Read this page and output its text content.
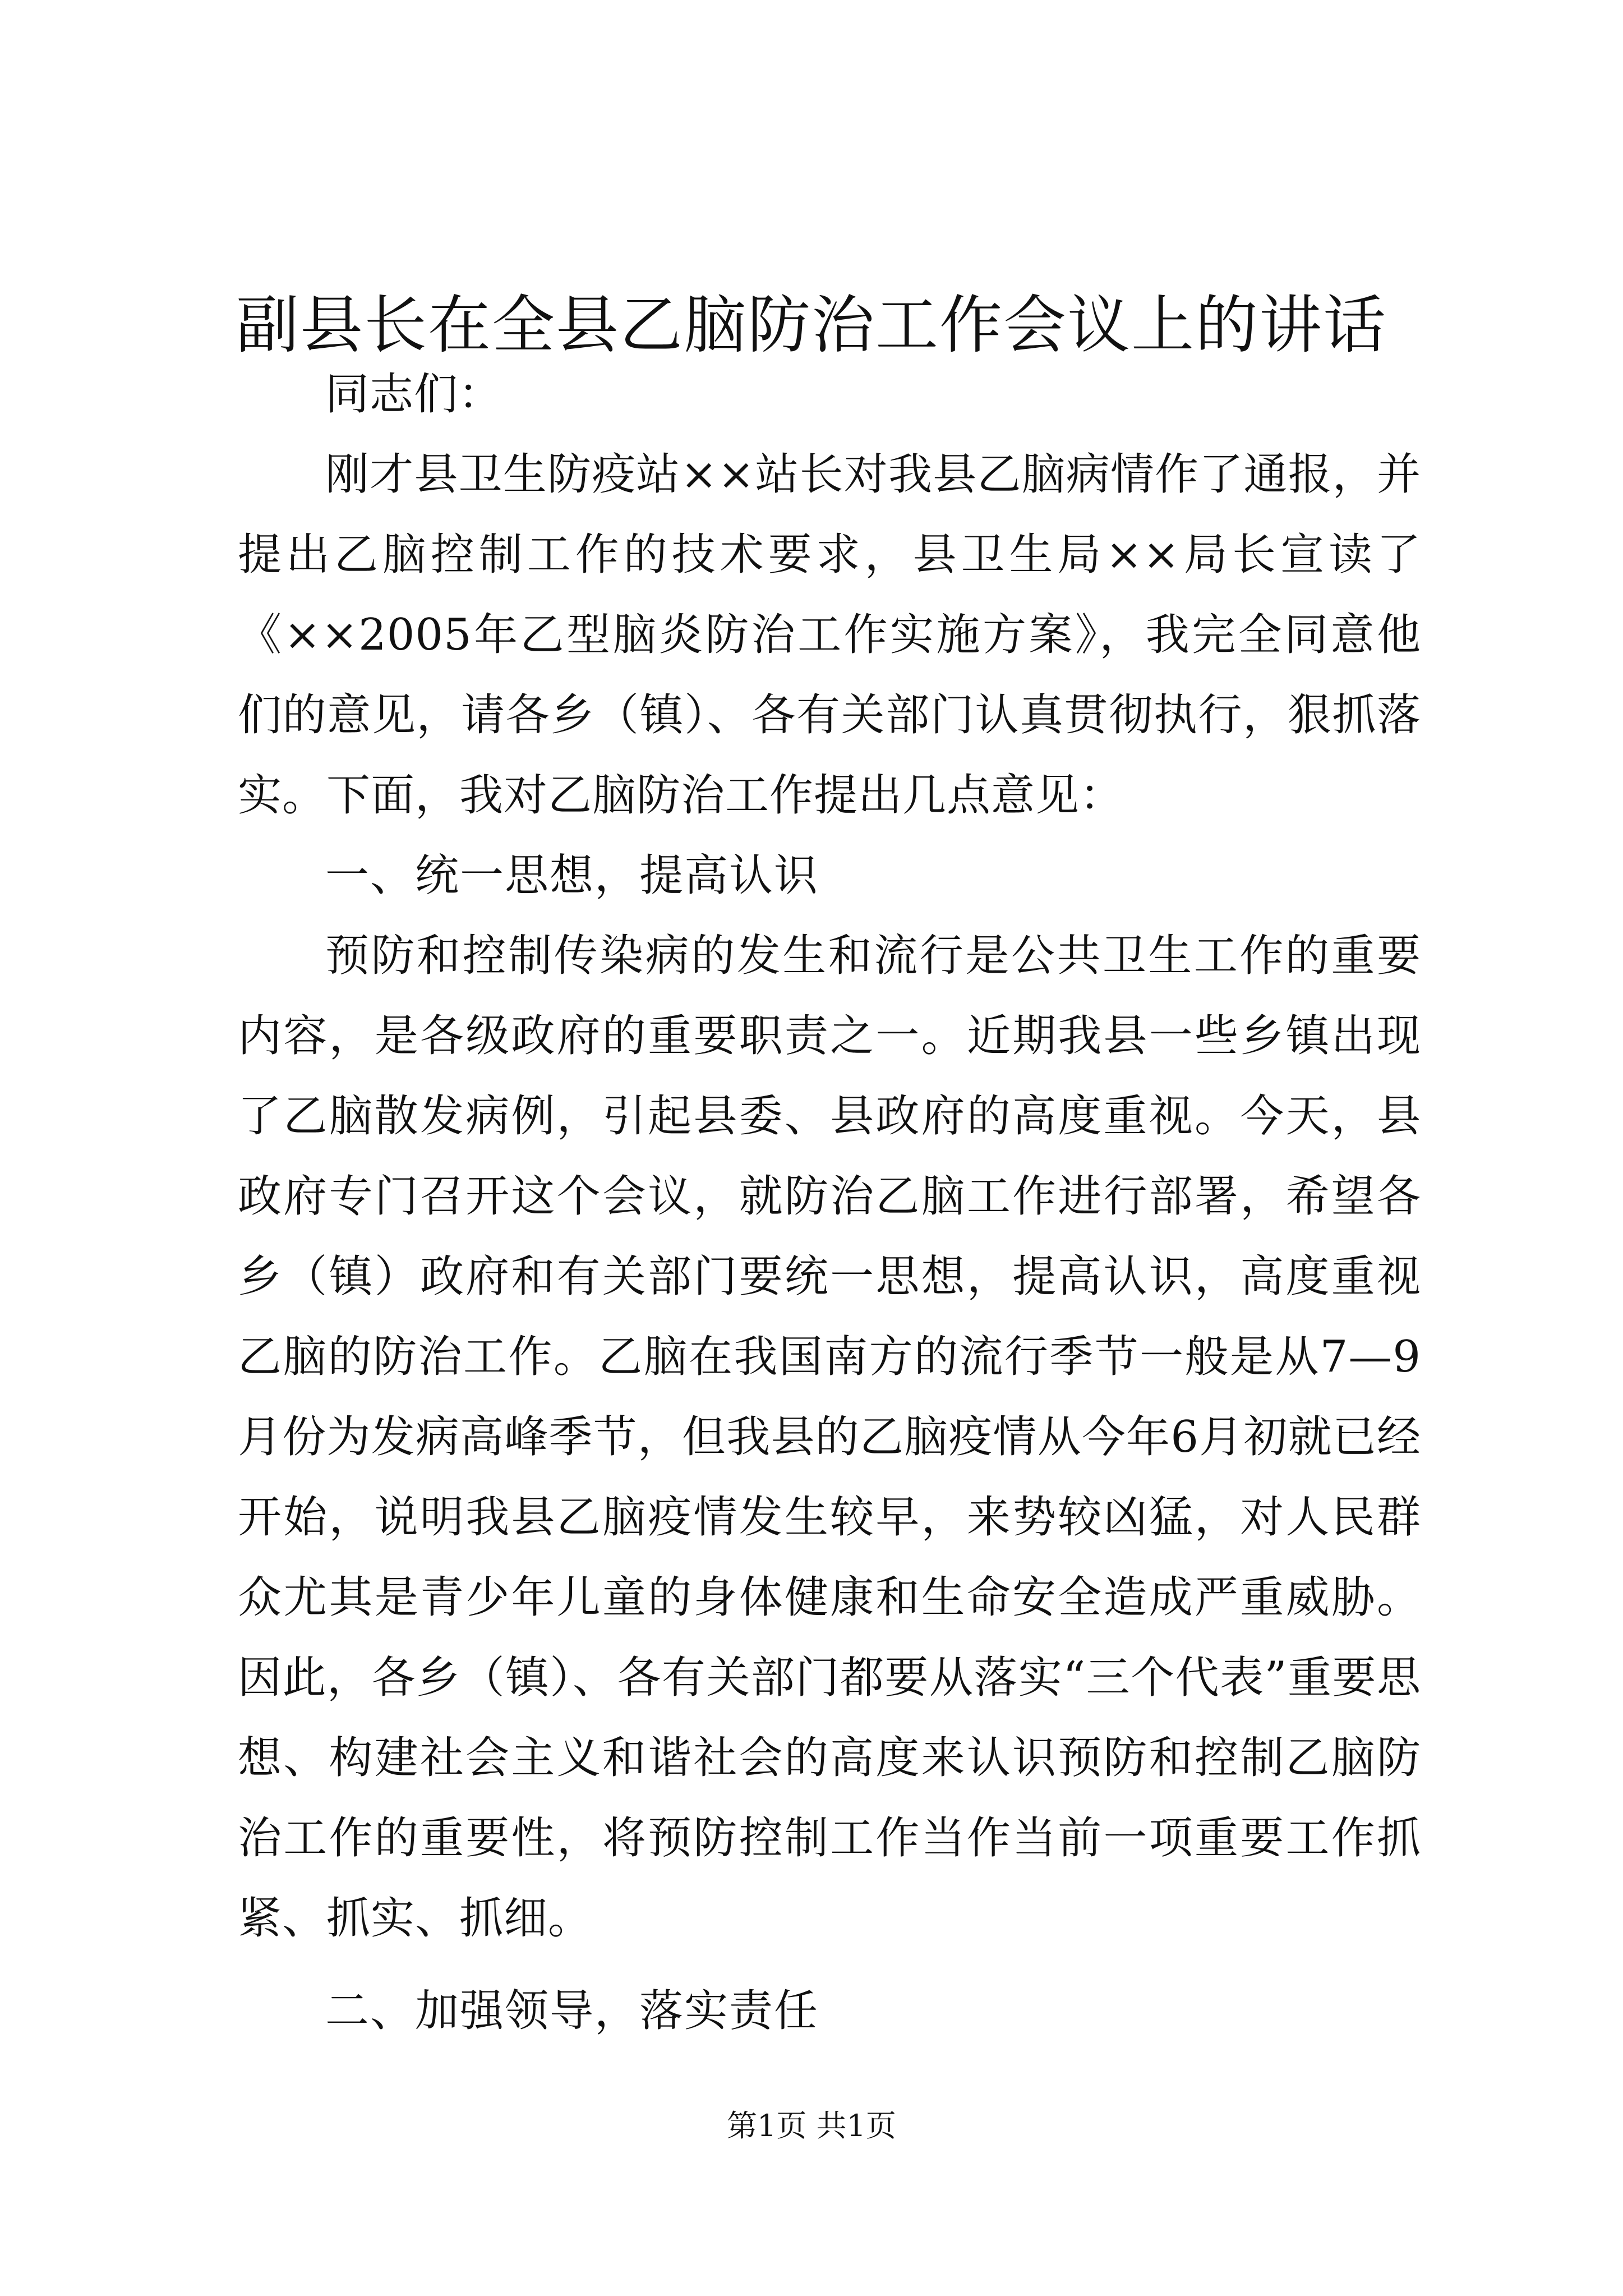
副县长在全县乙脑防治工作会议上的讲话

同志们：

刚才县卫生防疫站××站长对我县乙脑病情作了通报，并提出乙脑控制工作的技术要求，县卫生局××局长宣读了《××2005年乙型脑炎防治工作实施方案》，我完全同意他们的意见，请各乡（镇）、各有关部门认真贯彻执行，狠抓落实。下面，我对乙脑防治工作提出几点意见：

一、统一思想，提高认识

预防和控制传染病的发生和流行是公共卫生工作的重要内容，是各级政府的重要职责之一。近期我县一些乡镇出现了乙脑散发病例，引起县委、县政府的高度重视。今天，县政府专门召开这个会议，就防治乙脑工作进行部署，希望各乡（镇）政府和有关部门要统一思想，提高认识，高度重视乙脑的防治工作。乙脑在我国南方的流行季节一般是从7—9月份为发病高峰季节，但我县的乙脑疫情从今年6月初就已经开始，说明我县乙脑疫情发生较早，来势较凶猛，对人民群众尤其是青少年儿童的身体健康和生命安全造成严重威胁。因此，各乡（镇）、各有关部门都要从落实“三个代表”重要思想、构建社会主义和谐社会的高度来认识预防和控制乙脑防治工作的重要性，将预防控制工作当作当前一项重要工作抓紧、抓实、抓细。

二、加强领导，落实责任

第1页 共1页
